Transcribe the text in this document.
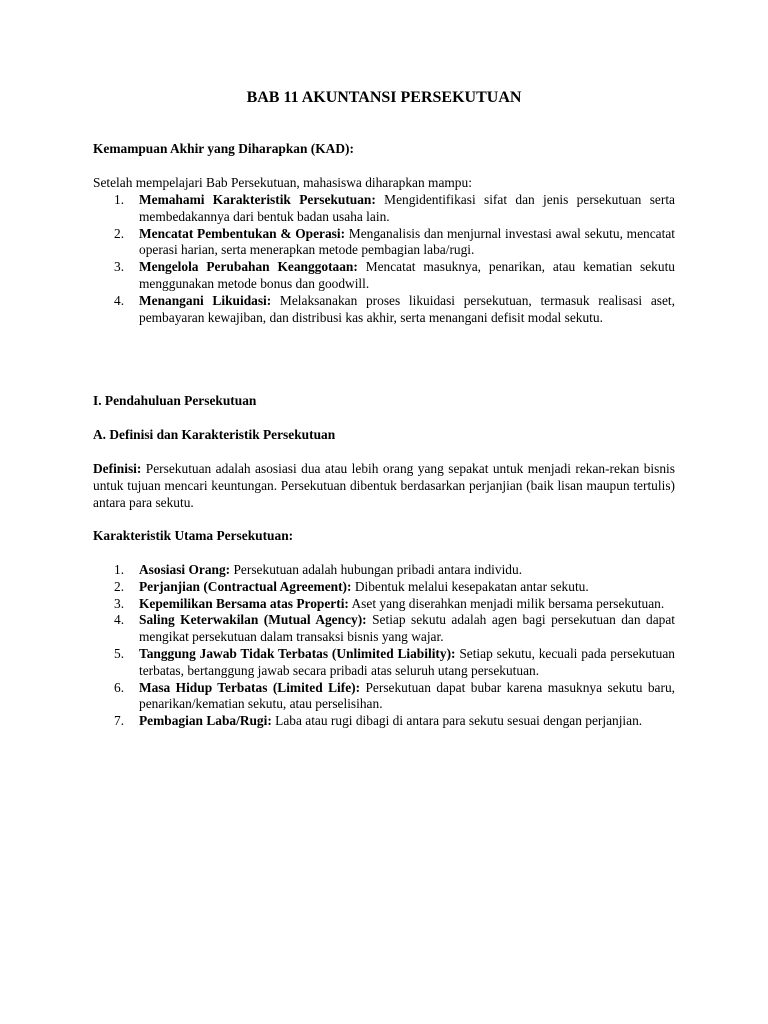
BAB 11 AKUNTANSI PERSEKUTUAN

Kemampuan Akhir yang Diharapkan (KAD):

Setelah mempelajari Bab Persekutuan, mahasiswa diharapkan mampu:

1.	Memahami Karakteristik Persekutuan: Mengidentifikasi sifat dan jenis persekutuan serta membedakannya dari bentuk badan usaha lain.
2.	Mencatat Pembentukan & Operasi: Menganalisis dan menjurnal investasi awal sekutu, mencatat operasi harian, serta menerapkan metode pembagian laba/rugi.
3.	Mengelola Perubahan Keanggotaan: Mencatat masuknya, penarikan, atau kematian sekutu menggunakan metode bonus dan goodwill.
4.	Menangani Likuidasi: Melaksanakan proses likuidasi persekutuan, termasuk realisasi aset, pembayaran kewajiban, dan distribusi kas akhir, serta menangani defisit modal sekutu.

I. Pendahuluan Persekutuan

A. Definisi dan Karakteristik Persekutuan

Definisi: Persekutuan adalah asosiasi dua atau lebih orang yang sepakat untuk menjadi rekan-rekan bisnis untuk tujuan mencari keuntungan. Persekutuan dibentuk berdasarkan perjanjian (baik lisan maupun tertulis) antara para sekutu.

Karakteristik Utama Persekutuan:

1.	Asosiasi Orang: Persekutuan adalah hubungan pribadi antara individu.
2.	Perjanjian (Contractual Agreement): Dibentuk melalui kesepakatan antar sekutu.
3.	Kepemilikan Bersama atas Properti: Aset yang diserahkan menjadi milik bersama persekutuan.
4.	Saling Keterwakilan (Mutual Agency): Setiap sekutu adalah agen bagi persekutuan dan dapat mengikat persekutuan dalam transaksi bisnis yang wajar.
5.	Tanggung Jawab Tidak Terbatas (Unlimited Liability): Setiap sekutu, kecuali pada persekutuan terbatas, bertanggung jawab secara pribadi atas seluruh utang persekutuan.
6.	Masa Hidup Terbatas (Limited Life): Persekutuan dapat bubar karena masuknya sekutu baru, penarikan/kematian sekutu, atau perselisihan.
7.	Pembagian Laba/Rugi: Laba atau rugi dibagi di antara para sekutu sesuai dengan perjanjian.
